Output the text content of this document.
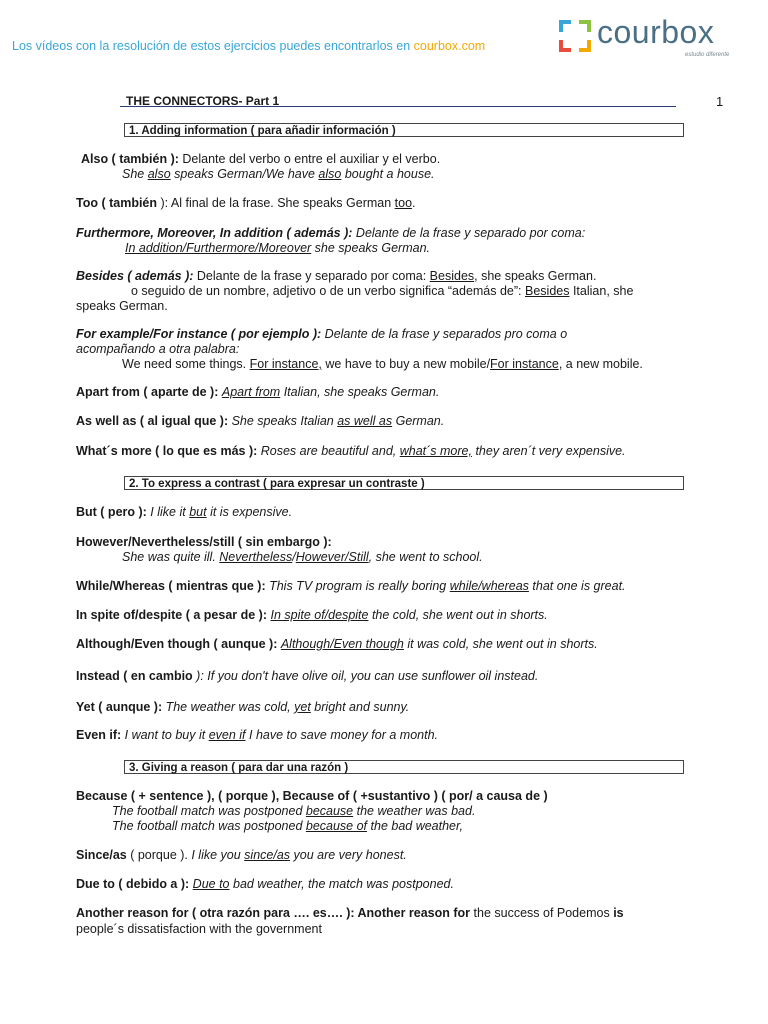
Los vídeos con la resolución de estos ejercicios puedes encontrarlos en courbox.com	courbox
estudio diferente
THE CONNECTORS- Part 1	1
1. Adding information ( para añadir información )
Also ( también ): Delante del verbo o entre el auxiliar y el verbo.
She also speaks German/We have also bought a house.
Too ( también ): Al final de la frase. She speaks German too.
Furthermore, Moreover, In addition ( además ): Delante de la frase y separado por coma:
In addition/Furthermore/Moreover she speaks German.
Besides ( además ): Delante de la frase y separado por coma: Besides, she speaks German.
o seguido de un nombre, adjetivo o de un verbo significa “además de”: Besides Italian, she
speaks German.
For example/For instance ( por ejemplo ): Delante de la frase y separados pro coma o
acompañando a otra palabra:
We need some things. For instance, we have to buy a new mobile/For instance, a new mobile.
Apart from ( aparte de ): Apart from Italian, she speaks German.
As well as ( al igual que ): She speaks Italian as well as German.
What´s more ( lo que es más ): Roses are beautiful and, what´s more, they aren´t very expensive.
2. To express a contrast ( para expresar un contraste )
But ( pero ): I like it but it is expensive.
However/Nevertheless/still ( sin embargo ):
She was quite ill. Nevertheless/However/Still, she went to school.
While/Whereas ( mientras que ): This TV program is really boring while/whereas that one is great.
In spite of/despite ( a pesar de ): In spite of/despite the cold, she went out in shorts.
Although/Even though ( aunque ): Although/Even though it was cold, she went out in shorts.
Instead ( en cambio ): If you don't have olive oil, you can use sunflower oil instead.
Yet ( aunque ): The weather was cold, yet bright and sunny.
Even if: I want to buy it even if I have to save money for a month.
3. Giving a reason ( para dar una razón )
Because ( + sentence ), ( porque ), Because of ( +sustantivo ) ( por/ a causa de )
The football match was postponed because the weather was bad.
The football match was postponed because of the bad weather,
Since/as ( porque ). I like you since/as you are very honest.
Due to ( debido a ): Due to bad weather, the match was postponed.
Another reason for ( otra razón para …. es…. ): Another reason for the success of Podemos is
people´s dissatisfaction with the government
